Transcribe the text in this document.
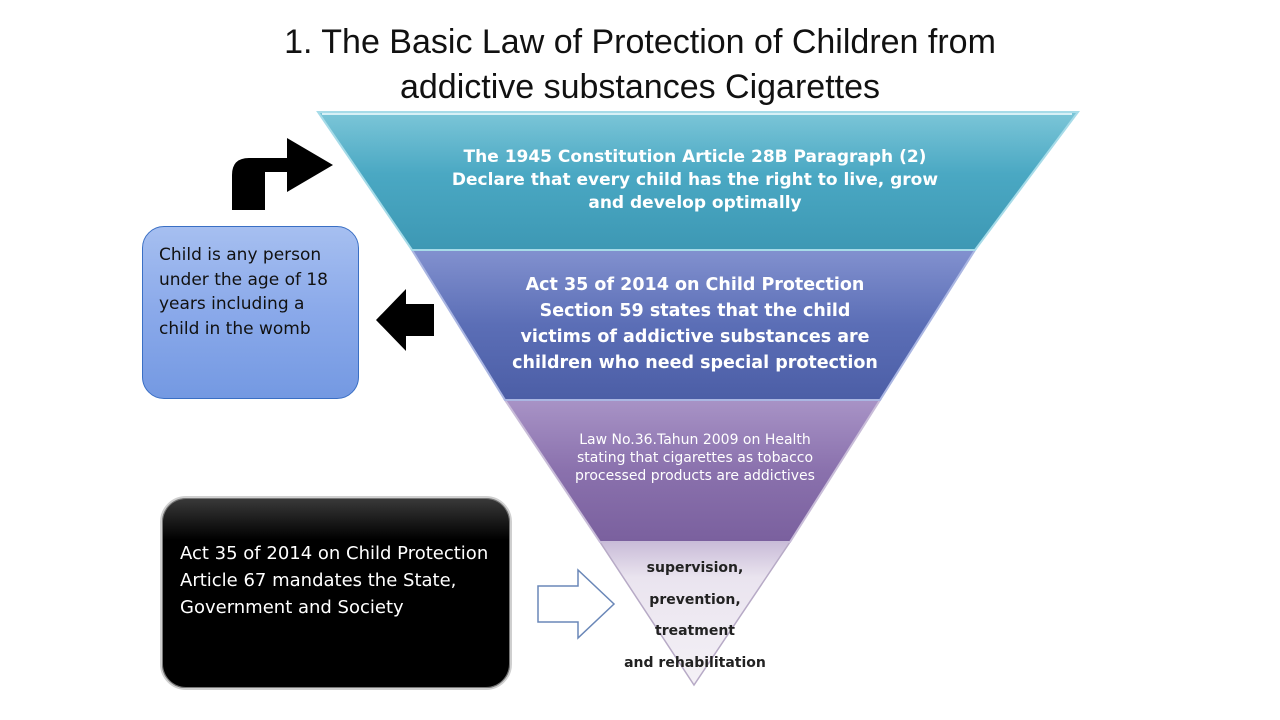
1. The Basic Law of Protection of Children from
addictive substances Cigarettes
The 1945 Constitution Article 28B Paragraph (2) Declare that every child has the right to live, grow and develop optimally
Act 35 of 2014 on Child Protection Section 59 states that the child victims of addictive substances are children who need special protection
Law No.36.Tahun 2009 on Health stating that cigarettes as tobacco processed products are addictives
supervision,
prevention,
treatment
and rehabilitation
Child is any person under the age of 18 years including a child in the womb
Act 35 of 2014 on Child Protection Article 67 mandates the State, Government and Society
